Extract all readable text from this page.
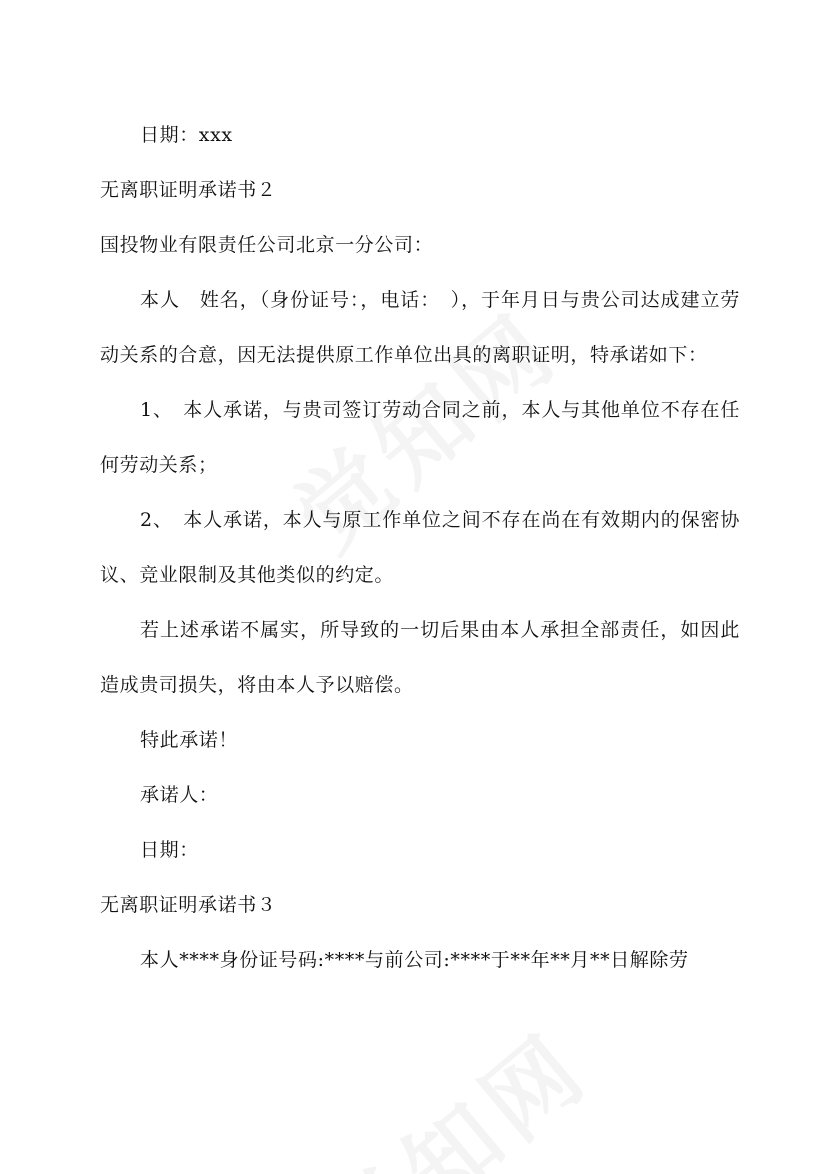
日期：xxx

无离职证明承诺书２

国投物业有限责任公司北京一分公司：

本人　姓名，（身份证号：，电话：　），于年月日与贵公司达成建立劳动关系的合意，因无法提供原工作单位出具的离职证明，特承诺如下：

1、　本人承诺，与贵司签订劳动合同之前，本人与其他单位不存在任何劳动关系；

2、　本人承诺，本人与原工作单位之间不存在尚在有效期内的保密协议、竞业限制及其他类似的约定。

若上述承诺不属实，所导致的一切后果由本人承担全部责任，如因此造成贵司损失，将由本人予以赔偿。

特此承诺！

承诺人：

日期：

无离职证明承诺书３

本人****身份证号码:****与前公司:****于**年**月**日解除劳
